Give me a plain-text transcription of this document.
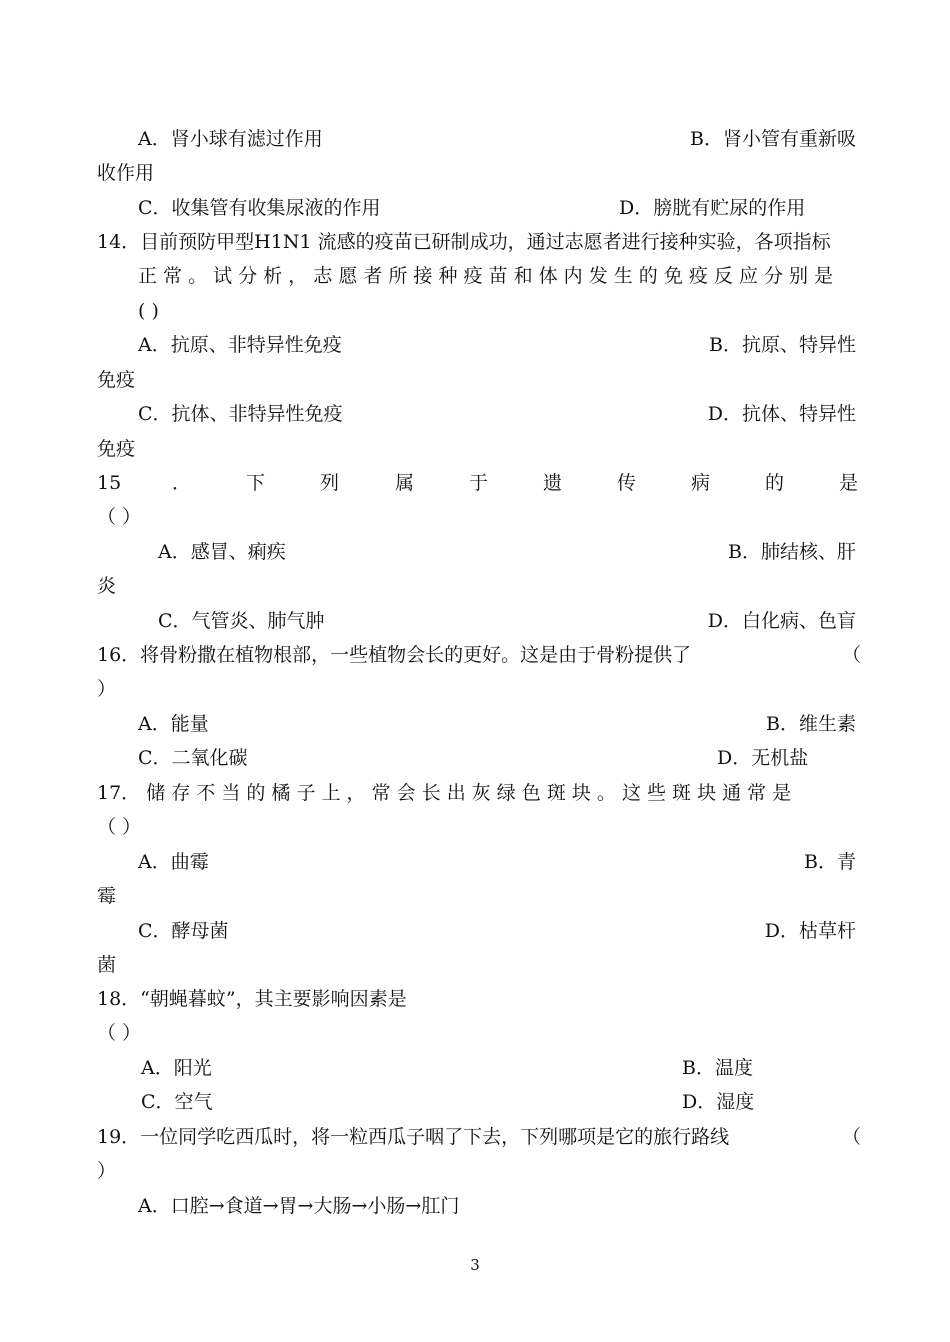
A．肾小球有滤过作用	B．肾小管有重新吸
收作用
C．收集管有收集尿液的作用	D．膀胱有贮尿的作用
14．目前预防甲型H1N1 流感的疫苗已研制成功，通过志愿者进行接种实验，各项指标
正 常 。 试 分 析 ， 志 愿 者 所 接 种 疫 苗 和 体 内 发 生 的 免 疫 反 应 分 别 是
( )
A．抗原、非特异性免疫	B．抗原、特异性
免疫
C．抗体、非特异性免疫	D．抗体、特异性
免疫
15	．	下	列	属	于	遗	传	病	的	是
（ ）
A．感冒、痢疾	B．肺结核、肝
炎
C．气管炎、肺气肿	D．白化病、色盲
16．将骨粉撒在植物根部，一些植物会长的更好。这是由于骨粉提供了	（
）
A．能量	B．维生素
C．二氧化碳	D．无机盐
17． 储 存 不 当 的 橘 子 上 ， 常 会 长 出 灰 绿 色 斑 块 。 这 些 斑 块 通 常 是
（ ）
A．曲霉	B．青
霉
C．酵母菌	D．枯草杆
菌
18．“朝蝇暮蚊”，其主要影响因素是
（ ）
A．阳光	B．温度
C．空气	D．湿度
19．一位同学吃西瓜时，将一粒西瓜子咽了下去，下列哪项是它的旅行路线	（
）
A．口腔→食道→胃→大肠→小肠→肛门
3
